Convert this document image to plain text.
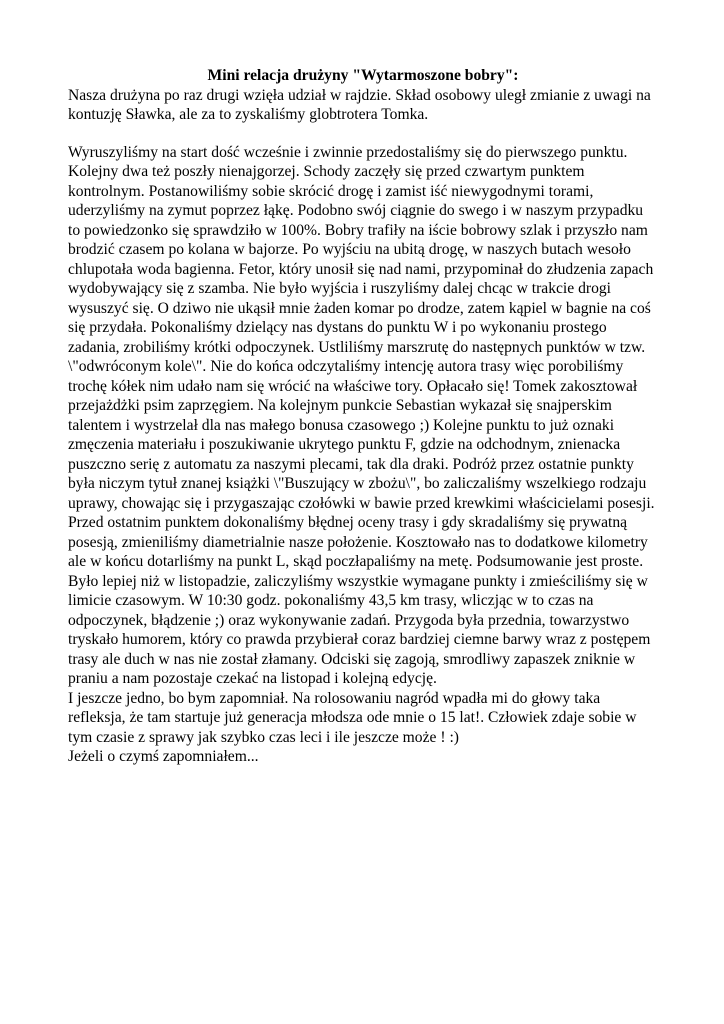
Mini relacja drużyny "Wytarmoszone bobry":

Nasza drużyna po raz drugi wzięła udział w rajdzie. Skład osobowy uległ zmianie z uwagi na kontuzję Sławka, ale za to zyskaliśmy globtrotera Tomka.

Wyruszyliśmy na start dość wcześnie i zwinnie przedostaliśmy się do pierwszego punktu. Kolejny dwa też poszły nienajgorzej. Schody zaczęły się przed czwartym punktem kontrolnym. Postanowiliśmy sobie skrócić drogę i zamist iść niewygodnymi torami, uderzyliśmy na zymut poprzez łąkę. Podobno swój ciągnie do swego i w naszym przypadku to powiedzonko się sprawdziło w 100%. Bobry trafiły na iście bobrowy szlak i przyszło nam brodzić czasem po kolana w bajorze. Po wyjściu na ubitą drogę, w naszych butach wesoło chlupotała woda bagienna. Fetor, który unosił się nad nami, przypominał do złudzenia zapach wydobywający się z szamba. Nie było wyjścia i ruszyliśmy dalej chcąc w trakcie drogi wysuszyć się. O dziwo nie ukąsił mnie żaden komar po drodze, zatem kąpiel w bagnie na coś się przydała. Pokonaliśmy dzielący nas dystans do punktu W i po wykonaniu prostego zadania, zrobiliśmy krótki odpoczynek. Ustliliśmy marszrutę do następnych punktów w tzw. \"odwróconym kole\". Nie do końca odczytaliśmy intencję autora trasy więc porobiliśmy trochę kółek nim udało nam się wrócić na właściwe tory. Opłacało się! Tomek zakosztował przejażdżki psim zaprzęgiem. Na kolejnym punkcie Sebastian wykazał się snajperskim talentem i wystrzelał dla nas małego bonusa czasowego ;) Kolejne punktu to już oznaki zmęczenia materiału i poszukiwanie ukrytego punktu F, gdzie na odchodnym, znienacka puszczno serię z automatu za naszymi plecami, tak dla draki. Podróż przez ostatnie punkty była niczym tytuł znanej książki \"Buszujący w zbożu\", bo zaliczaliśmy wszelkiego rodzaju uprawy, chowając się i przygaszając czołówki w bawie przed krewkimi właścicielami posesji. Przed ostatnim punktem dokonaliśmy błędnej oceny trasy i gdy skradaliśmy się prywatną posesją, zmieniliśmy diametrialnie nasze położenie. Kosztowało nas to dodatkowe kilometry ale w końcu dotarliśmy na punkt L, skąd poczłapaliśmy na metę. Podsumowanie jest proste. Było lepiej niż w listopadzie, zaliczyliśmy wszystkie wymagane punkty i zmieściliśmy się w limicie czasowym. W 10:30 godz. pokonaliśmy 43,5 km trasy, wliczjąc w to czas na odpoczynek, błądzenie ;) oraz wykonywanie zadań. Przygoda była przednia, towarzystwo tryskało humorem, który co prawda przybierał coraz bardziej ciemne barwy wraz z postępem trasy ale duch w nas nie został złamany. Odciski się zagoją, smrodliwy zapaszek zniknie w praniu a nam pozostaje czekać na listopad i kolejną edycję.

I jeszcze jedno, bo bym zapomniał. Na rolosowaniu nagród wpadła mi do głowy taka refleksja, że tam startuje już generacja młodsza ode mnie o 15 lat!. Człowiek zdaje sobie w tym czasie z sprawy jak szybko czas leci i ile jeszcze może ! :)

Jeżeli o czymś zapomniałem...
